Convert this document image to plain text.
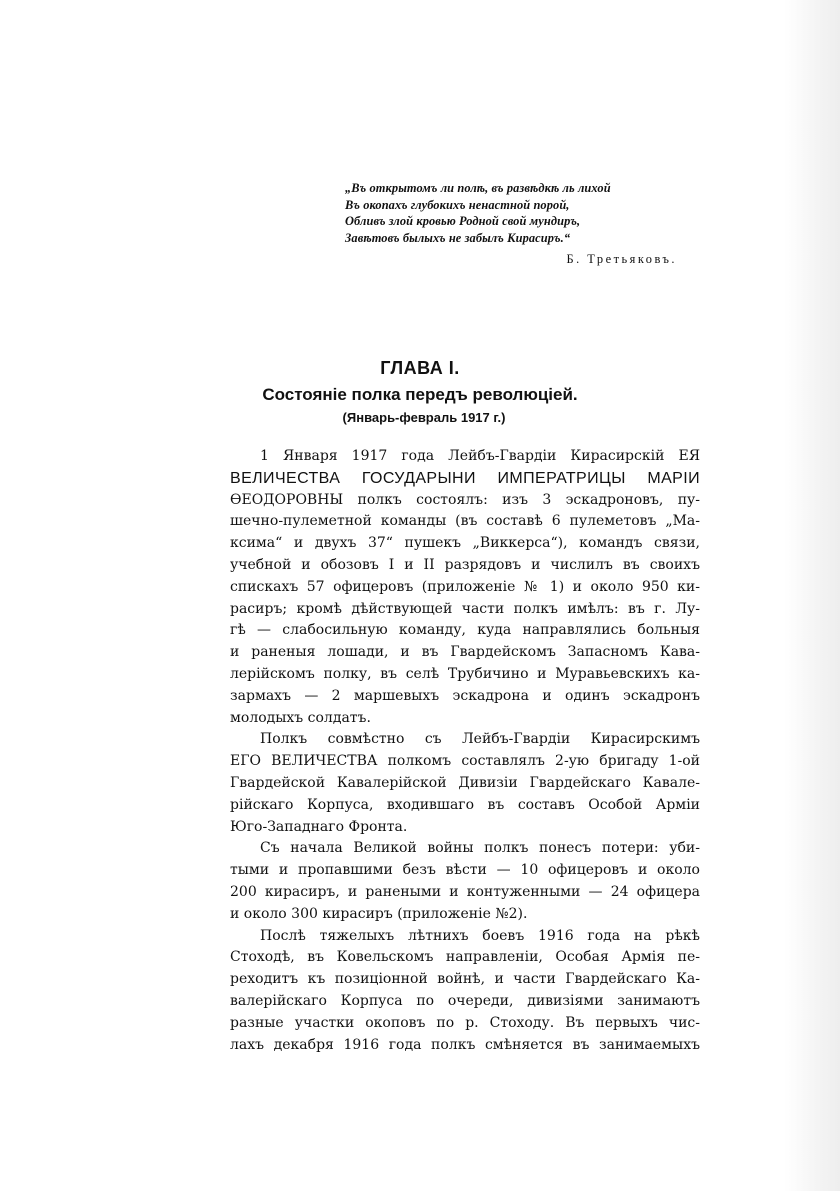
„Въ открытомъ ли полѣ, въ развѣдкѣ ль лихой
Въ окопахъ глубокихъ ненастной порой,
Обливъ злой кровью Родной свой мундиръ,
Завѣтовъ былыхъ не забылъ Кирасиръ.“
Б. Третьяковъ.
ГЛАВА I.
Состояніе полка передъ революціей.
(Январь-февраль 1917 г.)
1 Января 1917 года Лейбъ-Гвардіи Кирасирскій ЕЯ
ВЕЛИЧЕСТВА ГОСУДАРЫНИ ИМПЕРАТРИЦЫ МАРІИ
ѲЕОДОРОВНЫ полкъ состоялъ: изъ 3 эскадроновъ, пу-
шечно-пулеметной команды (въ составѣ 6 пулеметовъ „Ма-
ксима“ и двухъ 37“ пушекъ „Виккерса“), командъ связи,
учебной и обозовъ I и II разрядовъ и числилъ въ своихъ
спискахъ 57 офицеровъ (приложеніе № 1) и около 950 ки-
расиръ; кромѣ дѣйствующей части полкъ имѣлъ: въ г. Лу-
гѣ — слабосильную команду, куда направлялись больныя
и раненыя лошади, и въ Гвардейскомъ Запасномъ Кава-
лерійскомъ полку, въ селѣ Трубичино и Муравьевскихъ ка-
зармахъ — 2 маршевыхъ эскадрона и одинъ эскадронъ
молодыхъ солдатъ.
Полкъ совмѣстно съ Лейбъ-Гвардіи Кирасирскимъ
ЕГО ВЕЛИЧЕСТВА полкомъ составлялъ 2-ую бригаду 1-ой
Гвардейской Кавалерійской Дивизіи Гвардейскаго Кавале-
рійскаго Корпуса, входившаго въ составъ Особой Арміи
Юго-Западнаго Фронта.
Съ начала Великой войны полкъ понесъ потери: уби-
тыми и пропавшими безъ вѣсти — 10 офицеровъ и около
200 кирасиръ, и ранеными и контуженными — 24 офицера
и около 300 кирасиръ (приложеніе №2).
Послѣ тяжелыхъ лѣтнихъ боевъ 1916 года на рѣкѣ
Стоходѣ, въ Ковельскомъ направленіи, Особая Армія пе-
реходитъ къ позиціонной войнѣ, и части Гвардейскаго Ка-
валерійскаго Корпуса по очереди, дивизіями занимаютъ
разные участки окоповъ по р. Стоходу. Въ первыхъ чис-
лахъ декабря 1916 года полкъ смѣняется въ занимаемыхъ
